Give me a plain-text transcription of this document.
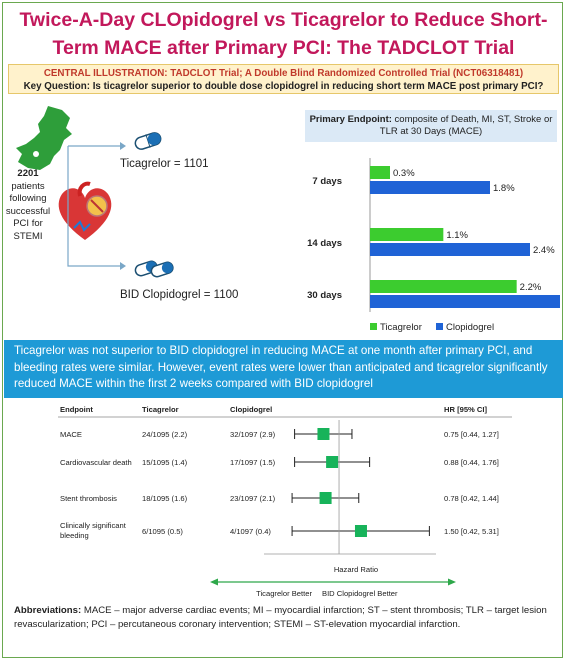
Twice-A-Day CLOpidogrel vs Ticagrelor to Reduce Short-Term MACE after Primary PCI: The TADCLOT Trial
CENTRAL ILLUSTRATION: TADCLOT Trial; A Double Blind Randomized Controlled Trial (NCT06318481)
Key Question: Is ticagrelor superior to double dose clopidogrel in reducing short term MACE post primary PCI?
2201
patients following successful PCI for STEMI
Ticagrelor = 1101
BID Clopidogrel = 1100
Primary Endpoint: composite of Death, MI, ST, Stroke or TLR at 30 Days (MACE)
7 days
0.3%
1.8%
14 days
1.1%
2.4%
30 days
2.2%
Ticagrelor	Clopidogrel
Ticagrelor was not superior to BID clopidogrel in reducing MACE at one month after primary PCI, and bleeding rates were similar. However, event rates were lower than anticipated and ticagrelor significantly reduced MACE within the first 2 weeks compared with BID clopidogrel
Endpoint	Ticagrelor	Clopidogrel	HR [95% CI]
MACE	24/1095 (2.2)	32/1097 (2.9)	0.75 [0.44, 1.27]
Cardiovascular death 15/1095 (1.4)	17/1097 (1.5)	0.88 [0.44, 1.76]
Stent thrombosis	18/1095 (1.6)	23/1097 (2.1)	0.78 [0.42, 1.44]
Clinically significant bleeding	6/1095 (0.5)	4/1097 (0.4)	1.50 [0.42, 5.31]
Hazard Ratio
Ticagrelor Better BID Clopidogrel Better
Abbreviations: MACE – major adverse cardiac events; MI – myocardial infarction; ST – stent thrombosis; TLR – target lesion revascularization; PCI – percutaneous coronary intervention; STEMI – ST-elevation myocardial infarction.
